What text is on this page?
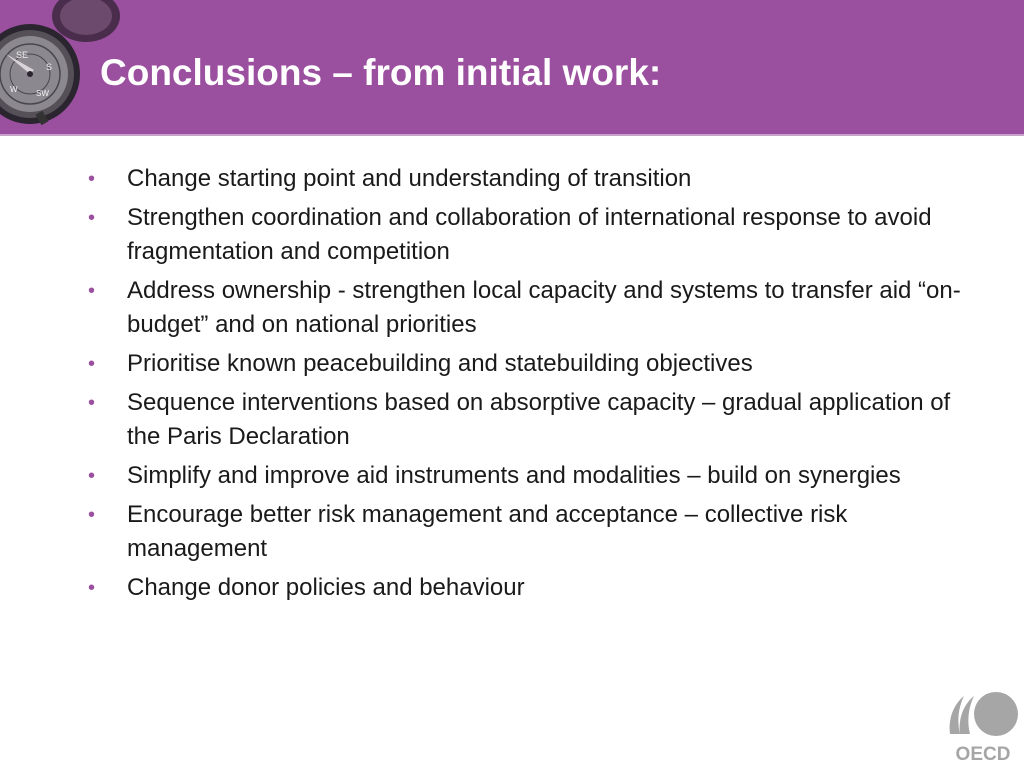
SE
S
SW
W Conclusions – from initial work:
• Change starting point and understanding of transition
• Strengthen coordination and collaboration of international response to avoid fragmentation and competition
• Address ownership - strengthen local capacity and systems to transfer aid “on-budget” and on national priorities
• Prioritise known peacebuilding and statebuilding objectives
• Sequence interventions based on absorptive capacity – gradual application of the Paris Declaration
• Simplify and improve aid instruments and modalities – build on synergies
• Encourage better risk management and acceptance – collective risk management
• Change donor policies and behaviour
OECD
